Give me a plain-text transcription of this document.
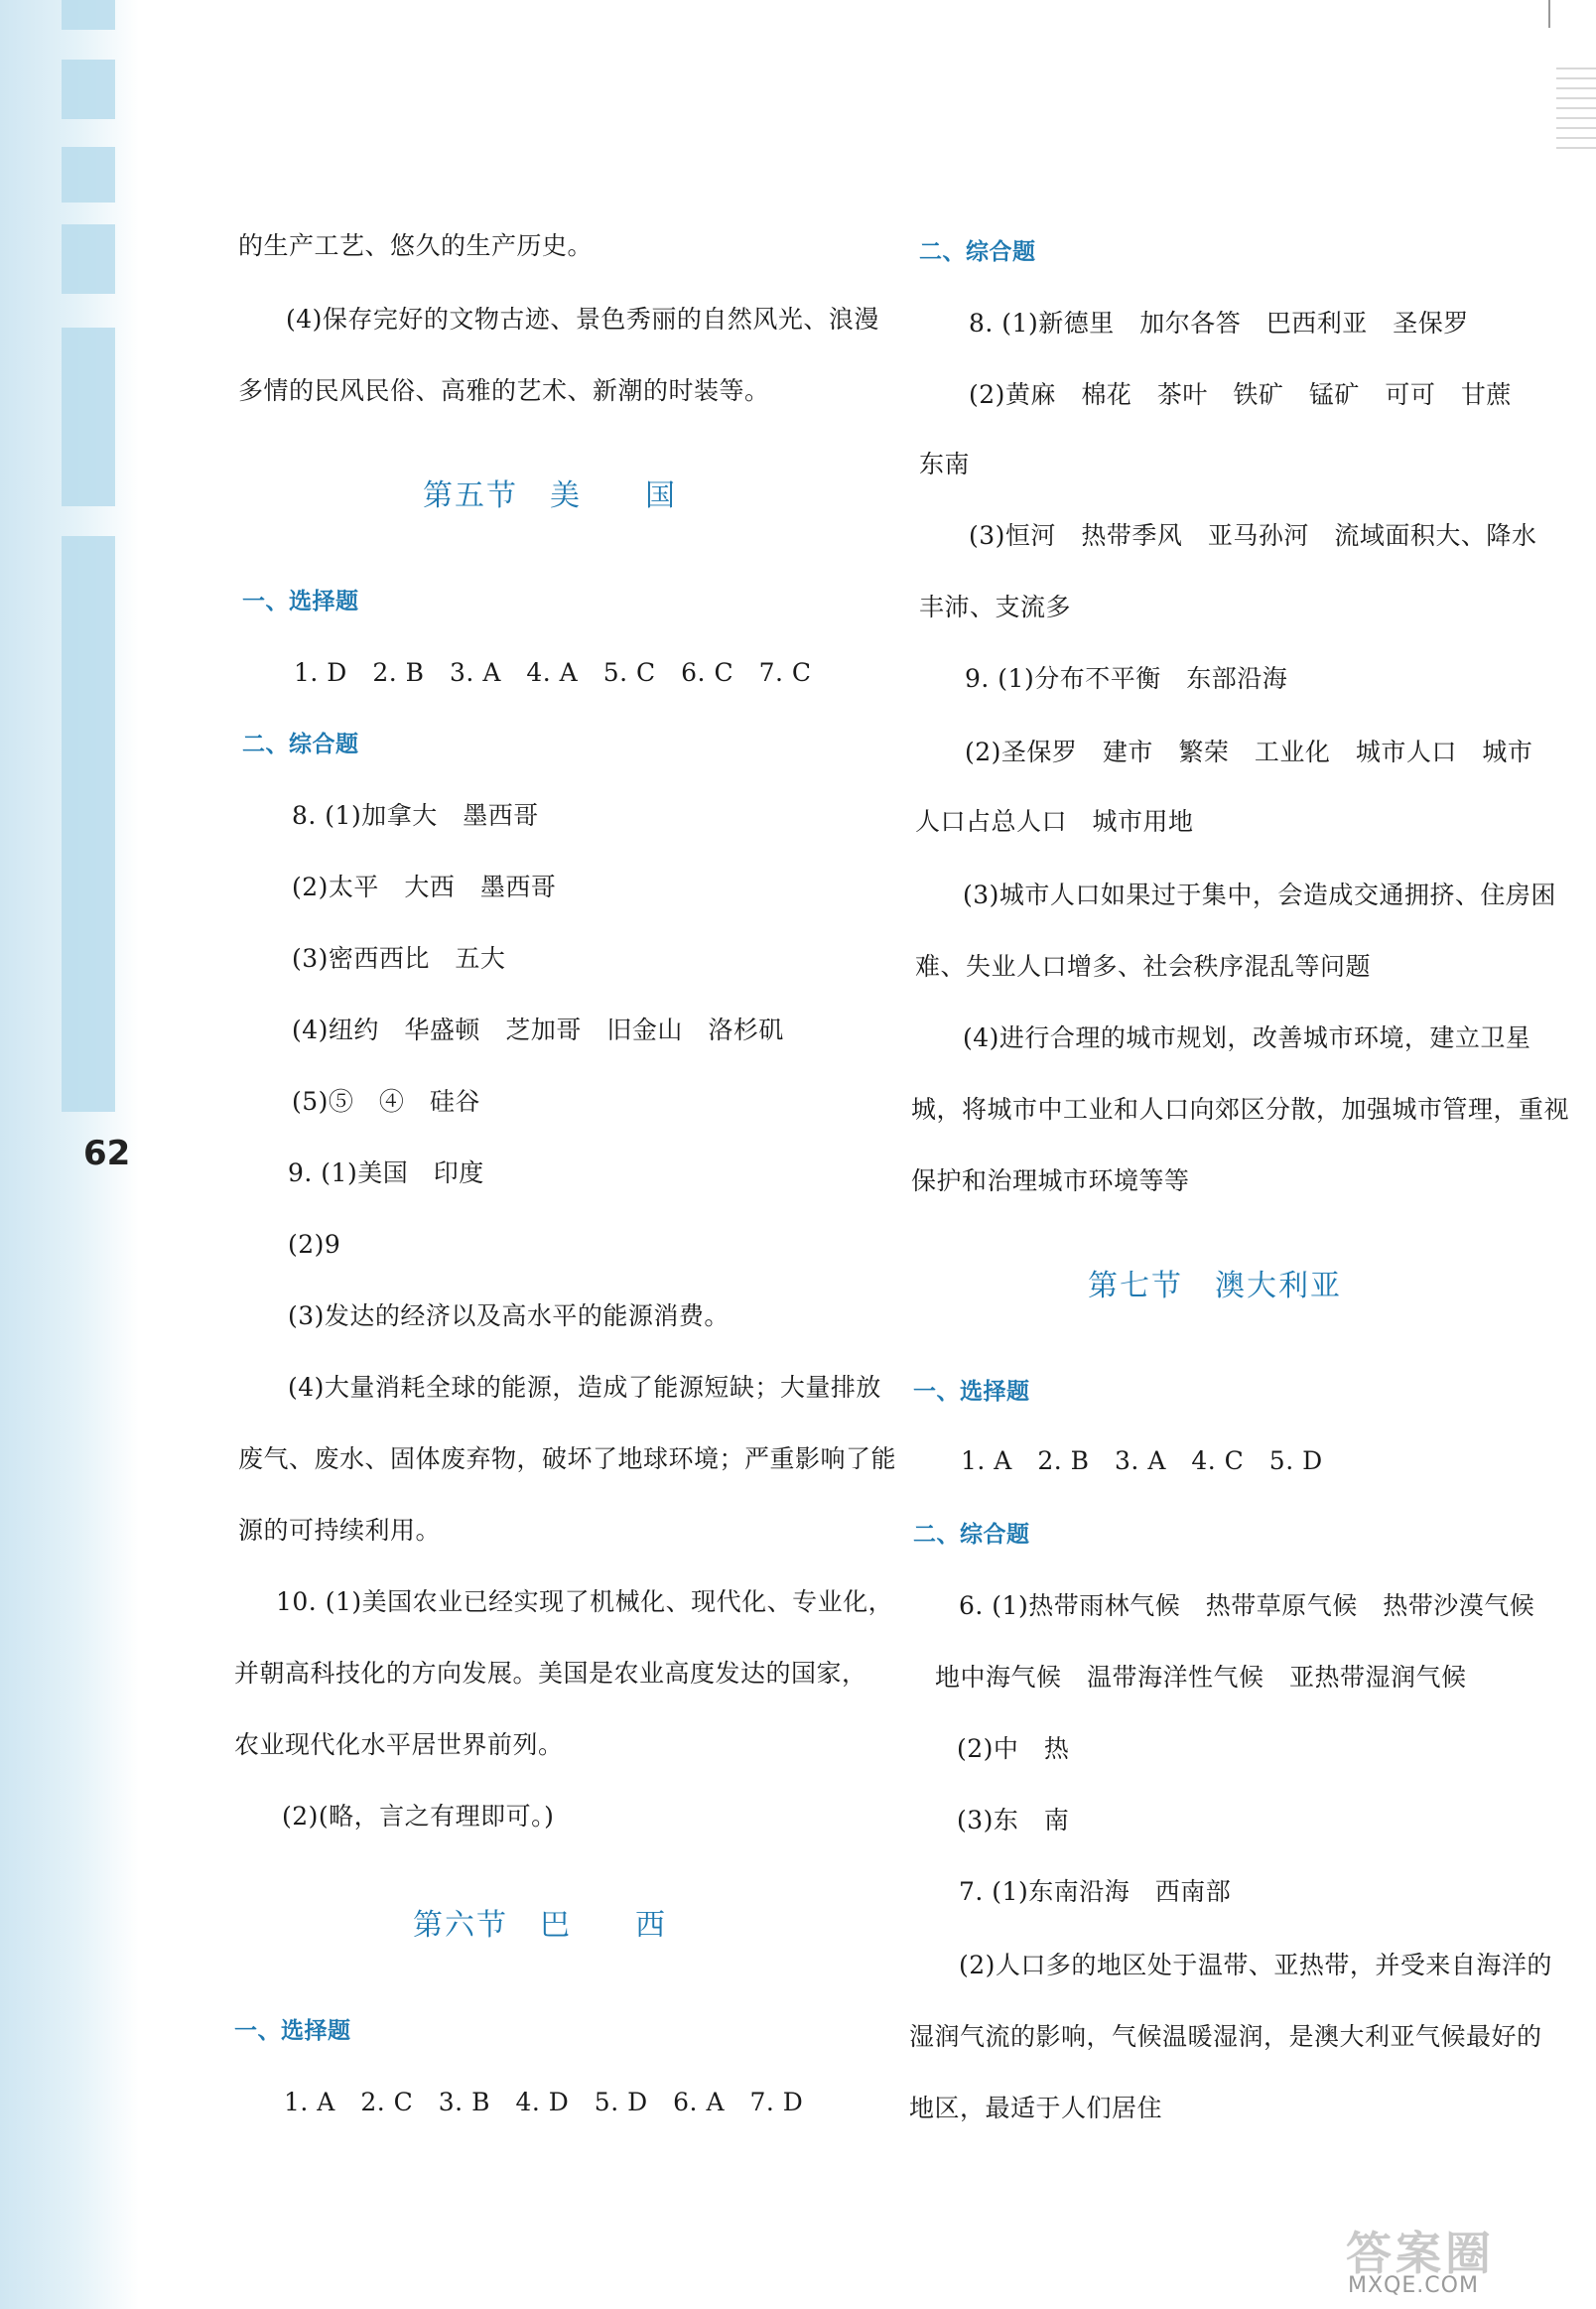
62

的生产工艺、悠久的生产历史。

(4)保存完好的文物古迹、景色秀丽的自然风光、浪漫

多情的民风民俗、高雅的艺术、新潮的时装等。

第五节　美　　国

一、选择题

1. D　2. B　3. A　4. A　5. C　6. C　7. C

二、综合题

8. (1)加拿大　墨西哥

(2)太平　大西　墨西哥

(3)密西西比　五大

(4)纽约　华盛顿　芝加哥　旧金山　洛杉矶

(5)⑤　④　硅谷

9. (1)美国　印度

(2)9

(3)发达的经济以及高水平的能源消费。

(4)大量消耗全球的能源，造成了能源短缺；大量排放

废气、废水、固体废弃物，破坏了地球环境；严重影响了能

源的可持续利用。

10. (1)美国农业已经实现了机械化、现代化、专业化，

并朝高科技化的方向发展。美国是农业高度发达的国家，

农业现代化水平居世界前列。

(2)(略，言之有理即可。)

第六节　巴　　西

一、选择题

1. A　2. C　3. B　4. D　5. D　6. A　7. D

二、综合题

8. (1)新德里　加尔各答　巴西利亚　圣保罗

(2)黄麻　棉花　茶叶　铁矿　锰矿　可可　甘蔗

东南

(3)恒河　热带季风　亚马孙河　流域面积大、降水

丰沛、支流多

9. (1)分布不平衡　东部沿海

(2)圣保罗　建市　繁荣　工业化　城市人口　城市

人口占总人口　城市用地

(3)城市人口如果过于集中，会造成交通拥挤、住房困

难、失业人口增多、社会秩序混乱等问题

(4)进行合理的城市规划，改善城市环境，建立卫星

城，将城市中工业和人口向郊区分散，加强城市管理，重视

保护和治理城市环境等等

第七节　澳大利亚

一、选择题

1. A　2. B　3. A　4. C　5. D

二、综合题

6. (1)热带雨林气候　热带草原气候　热带沙漠气候

地中海气候　温带海洋性气候　亚热带湿润气候

(2)中　热

(3)东　南

7. (1)东南沿海　西南部

(2)人口多的地区处于温带、亚热带，并受来自海洋的

湿润气流的影响，气候温暖湿润，是澳大利亚气候最好的

地区，最适于人们居住

答案圈

MXQE.COM
